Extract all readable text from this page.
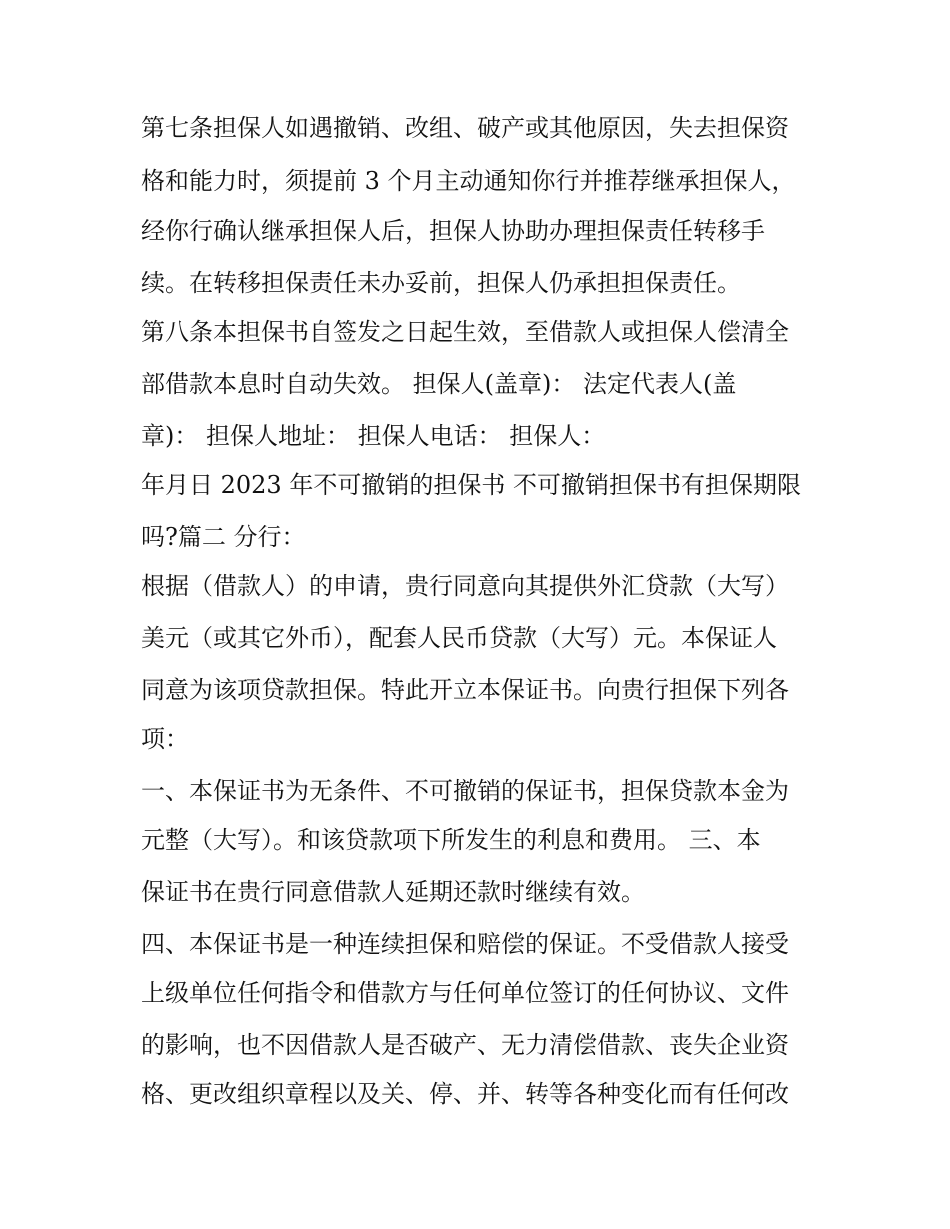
第七条担保人如遇撤销、改组、破产或其他原因，失去担保资
格和能力时，须提前 3 个月主动通知你行并推荐继承担保人，
经你行确认继承担保人后，担保人协助办理担保责任转移手
续。在转移担保责任未办妥前，担保人仍承担担保责任。
第八条本担保书自签发之日起生效，至借款人或担保人偿清全
部借款本息时自动失效。 担保人(盖章)： 法定代表人(盖
章)： 担保人地址： 担保人电话： 担保人：
年月日 2023 年不可撤销的担保书 不可撤销担保书有担保期限
吗?篇二 分行：
根据（借款人）的申请，贵行同意向其提供外汇贷款（大写）
美元（或其它外币），配套人民币贷款（大写）元。本保证人
同意为该项贷款担保。特此开立本保证书。向贵行担保下列各
项：
一、本保证书为无条件、不可撤销的保证书，担保贷款本金为
元整（大写）。和该贷款项下所发生的利息和费用。 三、本
保证书在贵行同意借款人延期还款时继续有效。
四、本保证书是一种连续担保和赔偿的保证。不受借款人接受
上级单位任何指令和借款方与任何单位签订的任何协议、文件
的影响，也不因借款人是否破产、无力清偿借款、丧失企业资
格、更改组织章程以及关、停、并、转等各种变化而有任何改
